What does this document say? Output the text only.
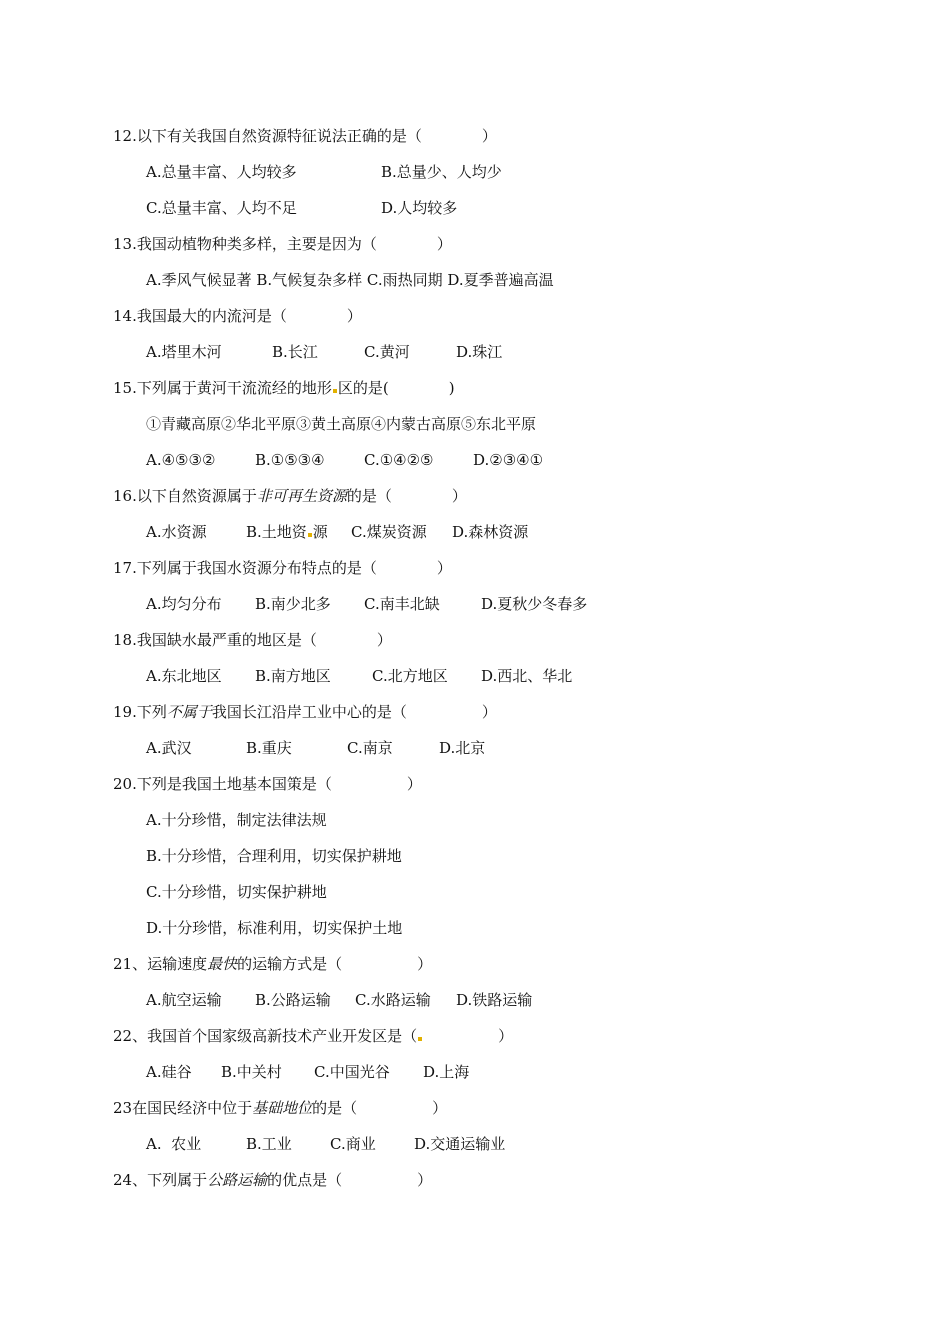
12.以下有关我国自然资源特征说法正确的是（　　　　）

A.总量丰富、人均较多

	B.总量少、人均少

C.总量丰富、人均不足

	D.人均较多

13.我国动植物种类多样，主要是因为（　　　　）
A.季风气候显著 B.气候复杂多样 C.雨热同期 D.夏季普遍高温
14.我国最大的内流河是（　　　　）

A.塔里木河

	B.长江

	C.黄河

	D.珠江

15.下列属于黄河干流流经的地形 区的是(　　　　)
①青藏高原②华北平原③黄土高原④内蒙古高原⑤东北平原

A.④⑤③②

	B.①⑤③④

	C.①④②⑤

	D.②③④①

16.以下自然资源属于非可再生资源的是（　　　　）

A.水资源

	B.土地资 源

C.煤炭资源

D.森林资源

17.下列属于我国水资源分布特点的是（　　　　）

A.均匀分布

B.南少北多

C.南丰北缺

	D.夏秋少冬春多

18.我国缺水最严重的地区是（　　　　）

A.东北地区

B.南方地区

	C.北方地区

D.西北、华北

19.下列不属于我国长江沿岸工业中心的是（　　　　　）

A.武汉

	B.重庆

	C.南京

	D.北京

20.下列是我国土地基本国策是（　　　　　）
A.十分珍惜，制定法律法规
B.十分珍惜，合理利用，切实保护耕地
C.十分珍惜，切实保护耕地
D.十分珍惜，标准利用，切实保护土地
21、运输速度最快的运输方式是（　　　　　）

A.航空运输

B.公路运输

C.水路运输

D.铁路运输

22、我国首个国家级高新技术产业开发区是（　　　　　）

A.硅谷

B.中关村

C.中国光谷

D.上海

23在国民经济中位于基础地位的是（　　　　　）

A.  农业

	B.工业

	C.商业

	D.交通运输业

24、下列属于公路运输的优点是（　　　　　）
